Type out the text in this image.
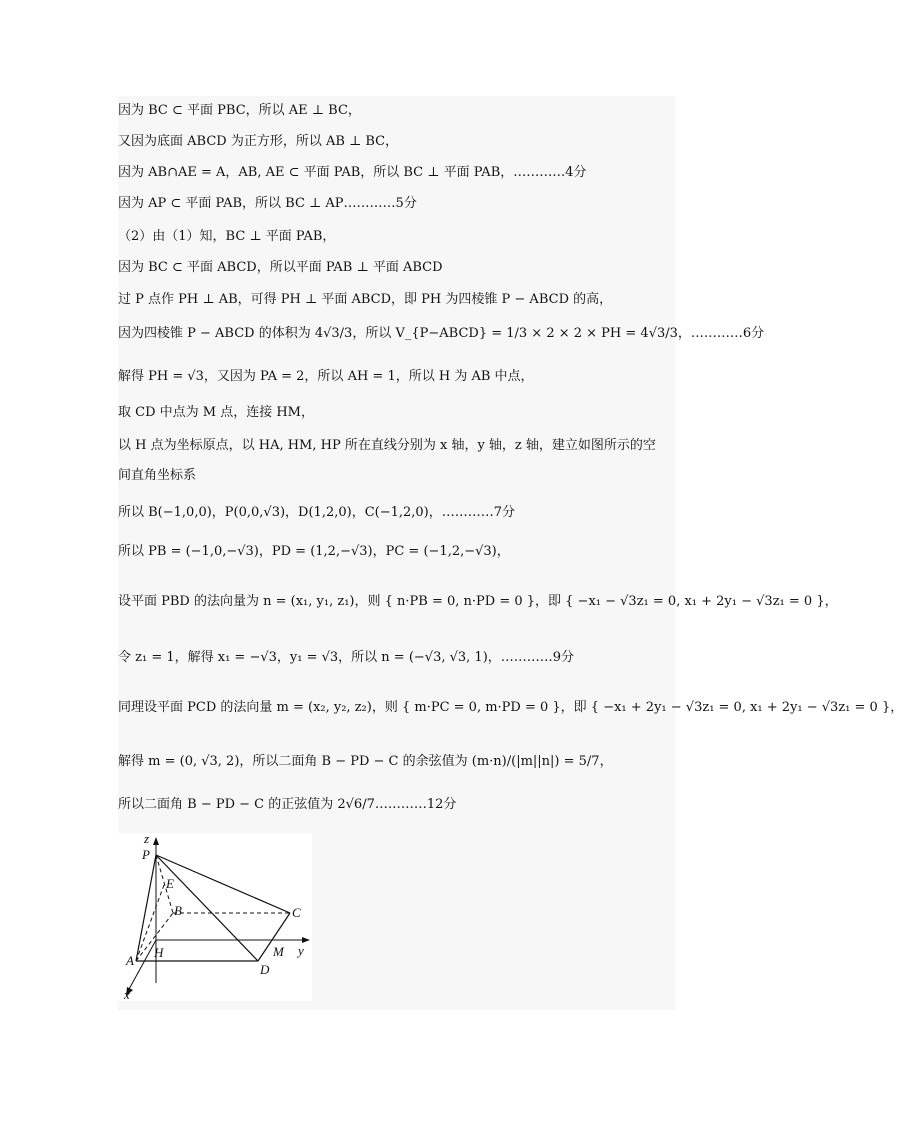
因为 BC ⊂ 平面 PBC，所以 AE ⊥ BC，
又因为底面 ABCD 为正方形，所以 AB ⊥ BC，
因为 AB∩AE = A，AB, AE ⊂ 平面 PAB，所以 BC ⊥ 平面 PAB，…………4分
因为 AP ⊂ 平面 PAB，所以 BC ⊥ AP…………5分
（2）由（1）知，BC ⊥ 平面 PAB，
因为 BC ⊂ 平面 ABCD，所以平面 PAB ⊥ 平面 ABCD
过 P 点作 PH ⊥ AB，可得 PH ⊥ 平面 ABCD，即 PH 为四棱锥 P − ABCD 的高，
因为四棱锥 P − ABCD 的体积为 4√3/3，所以 V_{P−ABCD} = 1/3 × 2 × 2 × PH = 4√3/3，…………6分
解得 PH = √3，又因为 PA = 2，所以 AH = 1，所以 H 为 AB 中点，
取 CD 中点为 M 点，连接 HM，
以 H 点为坐标原点，以 HA, HM, HP 所在直线分别为 x 轴，y 轴，z 轴，建立如图所示的空
间直角坐标系
所以 B(−1,0,0)，P(0,0,√3)，D(1,2,0)，C(−1,2,0)，…………7分
所以 PB = (−1,0,−√3)，PD = (1,2,−√3)，PC = (−1,2,−√3)，
设平面 PBD 的法向量为 n = (x₁, y₁, z₁)，则 { n·PB = 0, n·PD = 0 }，即 { −x₁ − √3z₁ = 0, x₁ + 2y₁ − √3z₁ = 0 }，
令 z₁ = 1，解得 x₁ = −√3，y₁ = √3，所以 n = (−√3, √3, 1)，…………9分
同理设平面 PCD 的法向量 m = (x₂, y₂, z₂)，则 { m·PC = 0, m·PD = 0 }，即 { −x₁ + 2y₁ − √3z₁ = 0, x₁ + 2y₁ − √3z₁ = 0 }，
解得 m = (0, √3, 2)，所以二面角 B − PD − C 的余弦值为 (m·n)/(|m||n|) = 5/7，
所以二面角 B − PD − C 的正弦值为 2√6/7…………12分
z
P
E
B	C
H
A
M y
D
x
